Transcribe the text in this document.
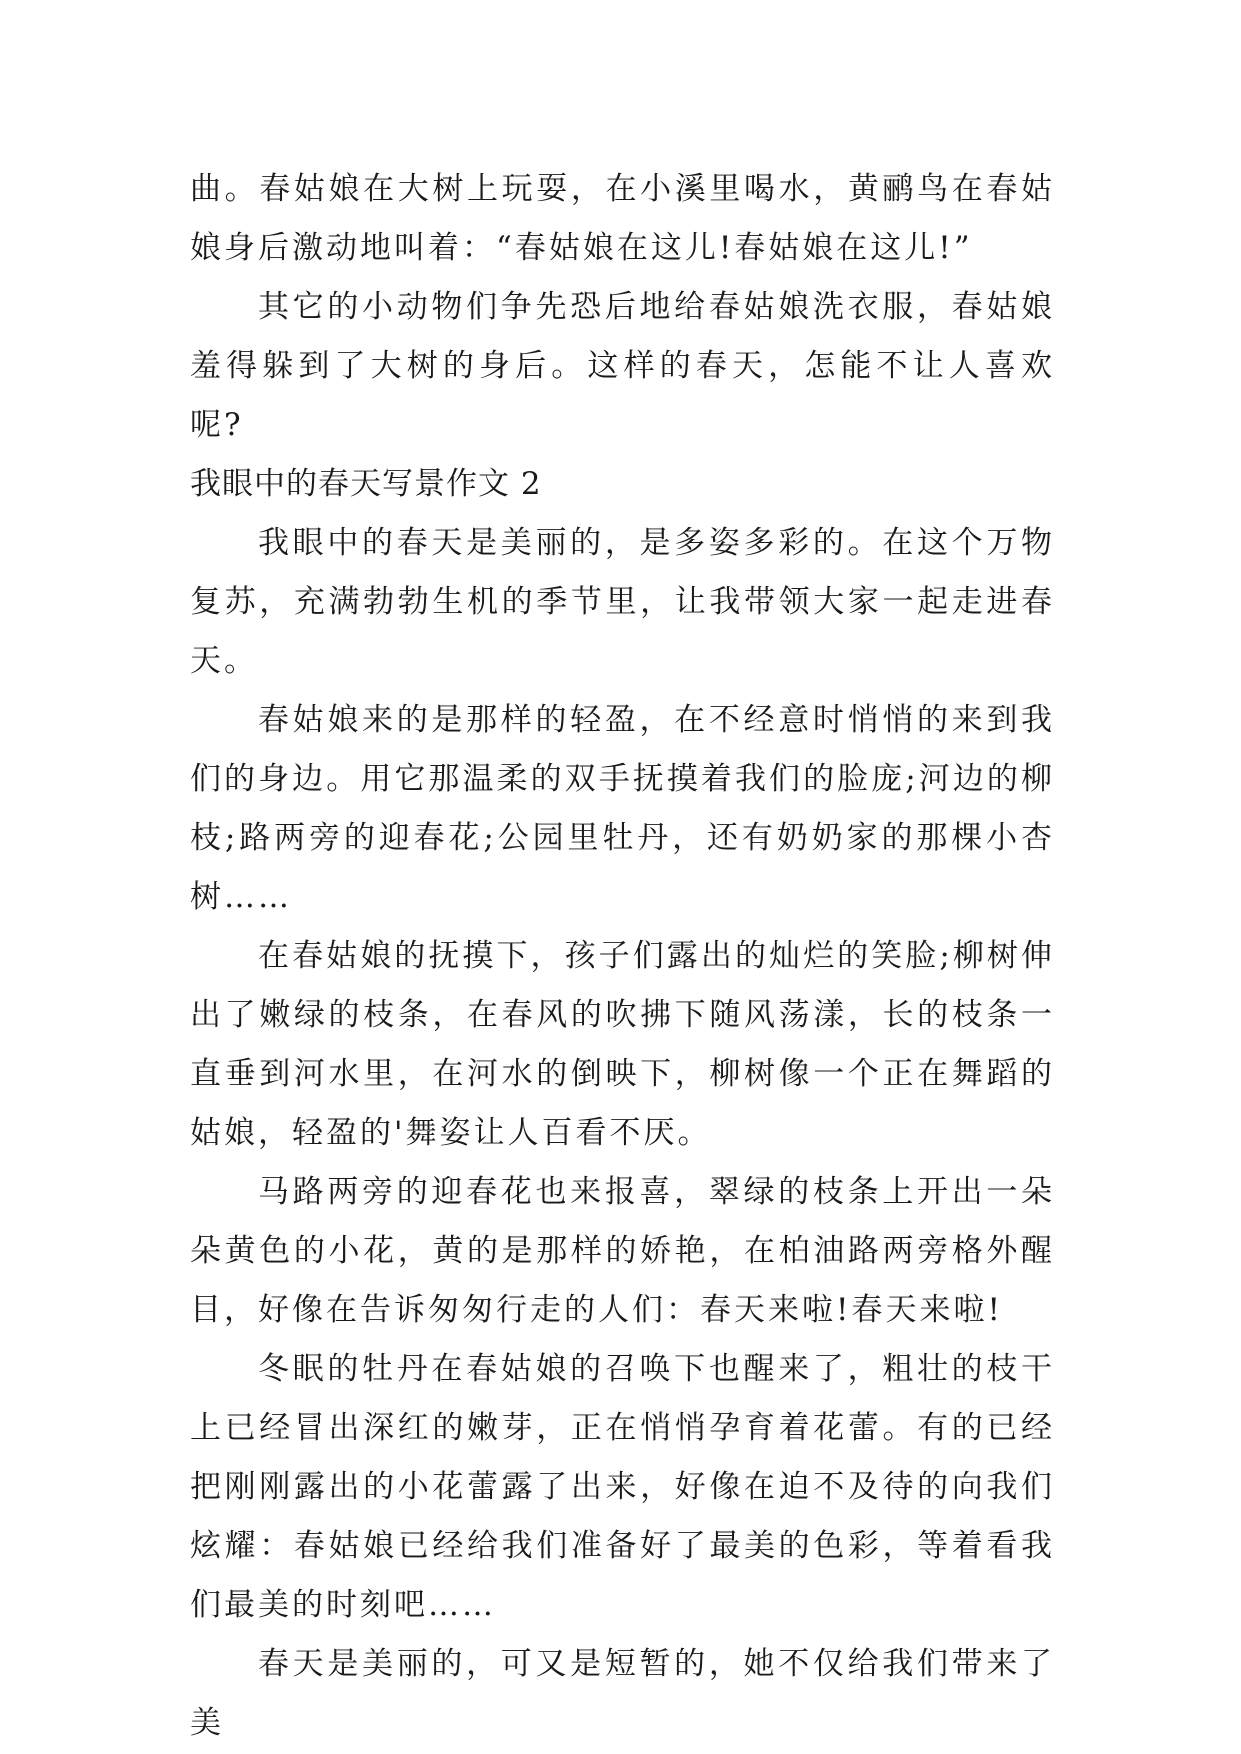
曲。春姑娘在大树上玩耍，在小溪里喝水，黄鹂鸟在春姑娘身后激动地叫着：“春姑娘在这儿!春姑娘在这儿!”

其它的小动物们争先恐后地给春姑娘洗衣服，春姑娘羞得躲到了大树的身后。这样的春天，怎能不让人喜欢呢?

我眼中的春天写景作文 2

我眼中的春天是美丽的，是多姿多彩的。在这个万物复苏，充满勃勃生机的季节里，让我带领大家一起走进春天。

春姑娘来的是那样的轻盈，在不经意时悄悄的来到我们的身边。用它那温柔的双手抚摸着我们的脸庞;河边的柳枝;路两旁的迎春花;公园里牡丹，还有奶奶家的那棵小杏树……

在春姑娘的抚摸下，孩子们露出的灿烂的笑脸;柳树伸出了嫩绿的枝条，在春风的吹拂下随风荡漾，长的枝条一直垂到河水里，在河水的倒映下，柳树像一个正在舞蹈的姑娘，轻盈的'舞姿让人百看不厌。

马路两旁的迎春花也来报喜，翠绿的枝条上开出一朵朵黄色的小花，黄的是那样的娇艳，在柏油路两旁格外醒目，好像在告诉匆匆行走的人们：春天来啦!春天来啦!

冬眠的牡丹在春姑娘的召唤下也醒来了，粗壮的枝干上已经冒出深红的嫩芽，正在悄悄孕育着花蕾。有的已经把刚刚露出的小花蕾露了出来，好像在迫不及待的向我们炫耀：春姑娘已经给我们准备好了最美的色彩，等着看我们最美的时刻吧……

春天是美丽的，可又是短暂的，她不仅给我们带来了美
